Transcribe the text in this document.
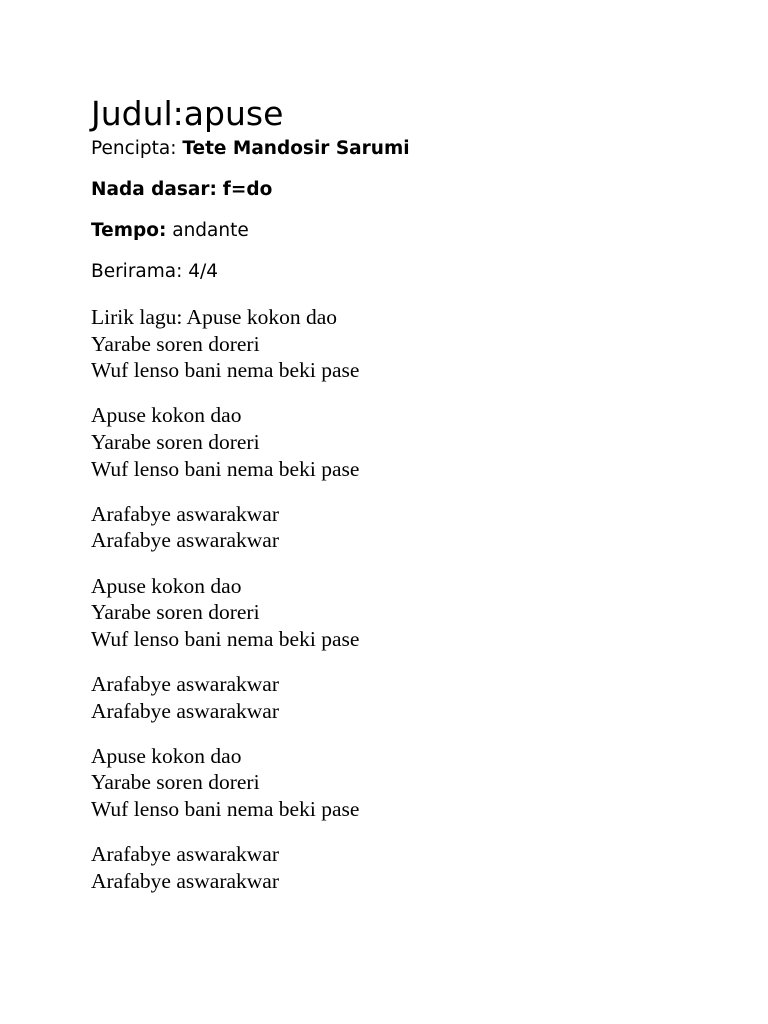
Judul:apuse

Pencipta: Tete Mandosir Sarumi

Nada dasar: f=do

Tempo: andante

Berirama: 4/4

Lirik lagu: Apuse kokon dao
Yarabe soren doreri
Wuf lenso bani nema beki pase
Apuse kokon dao
Yarabe soren doreri
Wuf lenso bani nema beki pase
Arafabye aswarakwar
Arafabye aswarakwar
Apuse kokon dao
Yarabe soren doreri
Wuf lenso bani nema beki pase
Arafabye aswarakwar
Arafabye aswarakwar
Apuse kokon dao
Yarabe soren doreri
Wuf lenso bani nema beki pase
Arafabye aswarakwar
Arafabye aswarakwar
